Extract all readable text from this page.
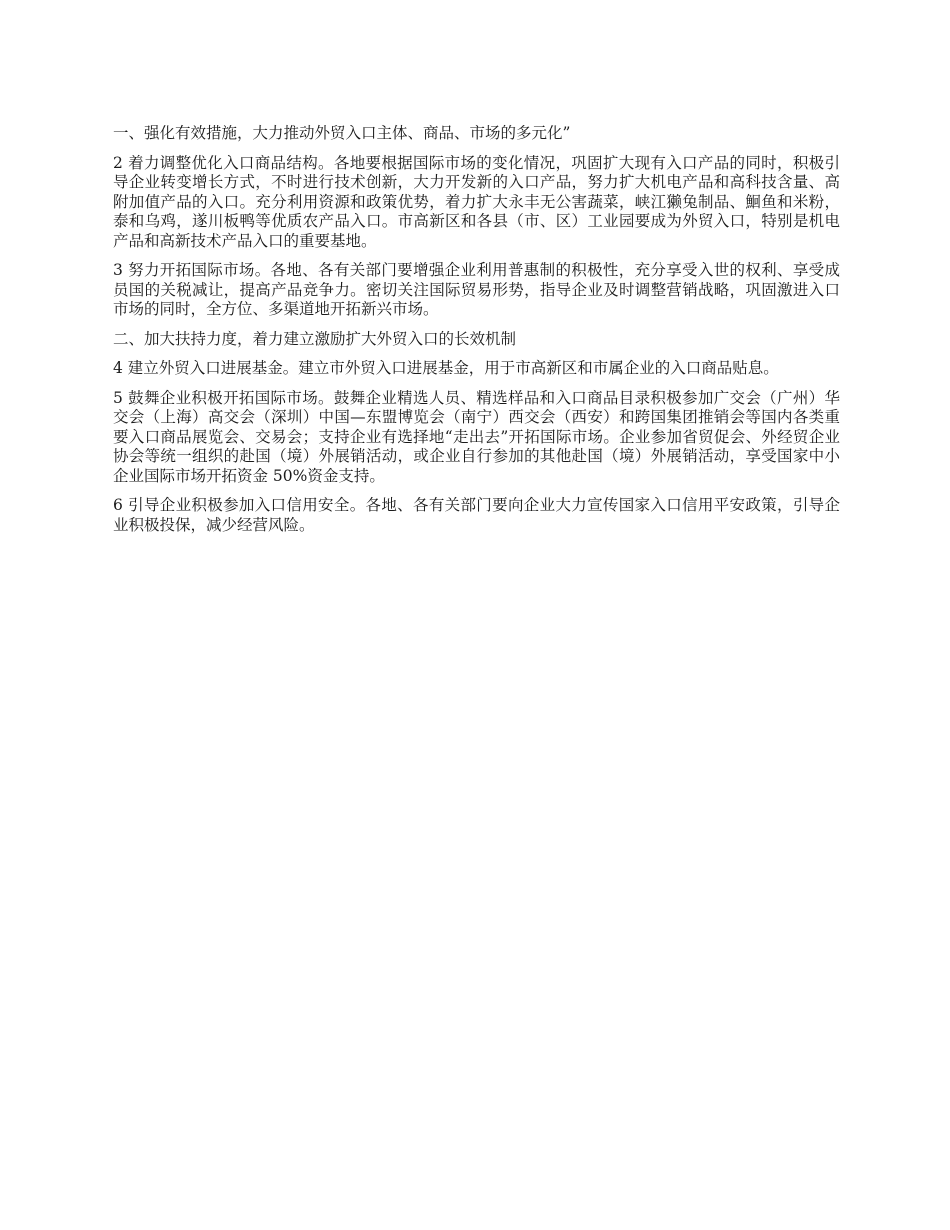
一、强化有效措施，大力推动外贸入口主体、商品、市场的多元化”

2 着力调整优化入口商品结构。各地要根据国际市场的变化情况，巩固扩大现有入口产品的同时，积极引导企业转变增长方式，不时进行技术创新，大力开发新的入口产品，努力扩大机电产品和高科技含量、高附加值产品的入口。充分利用资源和政策优势，着力扩大永丰无公害蔬菜，峡江獭兔制品、鮰鱼和米粉，泰和乌鸡，遂川板鸭等优质农产品入口。市高新区和各县（市、区）工业园要成为外贸入口，特别是机电产品和高新技术产品入口的重要基地。

3 努力开拓国际市场。各地、各有关部门要增强企业利用普惠制的积极性，充分享受入世的权利、享受成员国的关税减让，提高产品竞争力。密切关注国际贸易形势，指导企业及时调整营销战略，巩固激进入口市场的同时，全方位、多渠道地开拓新兴市场。

二、加大扶持力度，着力建立激励扩大外贸入口的长效机制

4 建立外贸入口进展基金。建立市外贸入口进展基金，用于市高新区和市属企业的入口商品贴息。

5 鼓舞企业积极开拓国际市场。鼓舞企业精选人员、精选样品和入口商品目录积极参加广交会（广州）华交会（上海）高交会（深圳）中国—东盟博览会（南宁）西交会（西安）和跨国集团推销会等国内各类重要入口商品展览会、交易会；支持企业有选择地“走出去”开拓国际市场。企业参加省贸促会、外经贸企业协会等统一组织的赴国（境）外展销活动，或企业自行参加的其他赴国（境）外展销活动，享受国家中小企业国际市场开拓资金 50%资金支持。

6 引导企业积极参加入口信用安全。各地、各有关部门要向企业大力宣传国家入口信用平安政策，引导企业积极投保，减少经营风险。
